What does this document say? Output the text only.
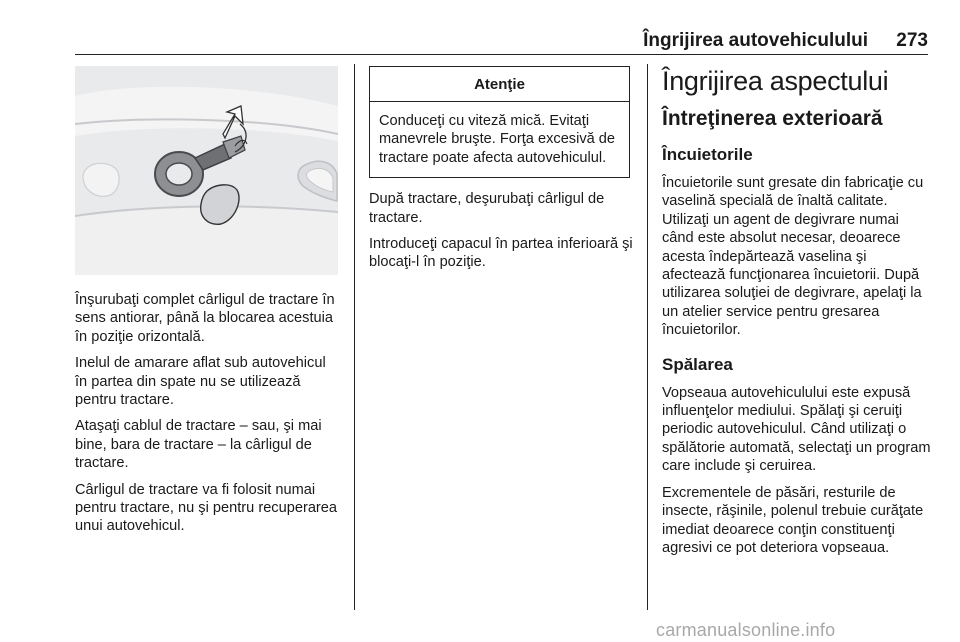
Îngrijirea autovehiculului 273

Înşurubaţi complet cârligul de tractare în sens antiorar, până la blocarea acestuia în poziţie orizontală.

Inelul de amarare aflat sub autovehicul în partea din spate nu se utilizează pentru tractare.

Ataşaţi cablul de tractare – sau, şi mai bine, bara de tractare – la cârligul de tractare.

Cârligul de tractare va fi folosit numai pentru tractare, nu şi pentru recuperarea unui autovehicul.

Atenţie
Conduceţi cu viteză mică. Evitaţi manevrele bruşte. Forţa excesivă de tractare poate afecta autovehiculul.

După tractare, deşurubaţi cârligul de tractare.

Introduceţi capacul în partea inferioară şi blocaţi-l în poziţie.

Îngrijirea aspectului
Întreţinerea exterioară
Încuietorile

Încuietorile sunt gresate din fabricaţie cu vaselină specială de înaltă calitate. Utilizaţi un agent de degivrare numai când este absolut necesar, deoarece acesta îndepărtează vaselina şi afectează funcţionarea încuietorii. După utilizarea soluţiei de degivrare, apelaţi la un atelier service pentru gresarea încuietorilor.

Spălarea

Vopseaua autovehiculului este expusă influenţelor mediului. Spălaţi şi ceruiţi periodic autovehiculul. Când utilizaţi o spălătorie automată, selectaţi un program care include şi ceruirea.

Excrementele de păsări, resturile de insecte, răşinile, polenul trebuie curăţate imediat deoarece conţin constituenţi agresivi ce pot deteriora vopseaua.

carmanualsonline.info
